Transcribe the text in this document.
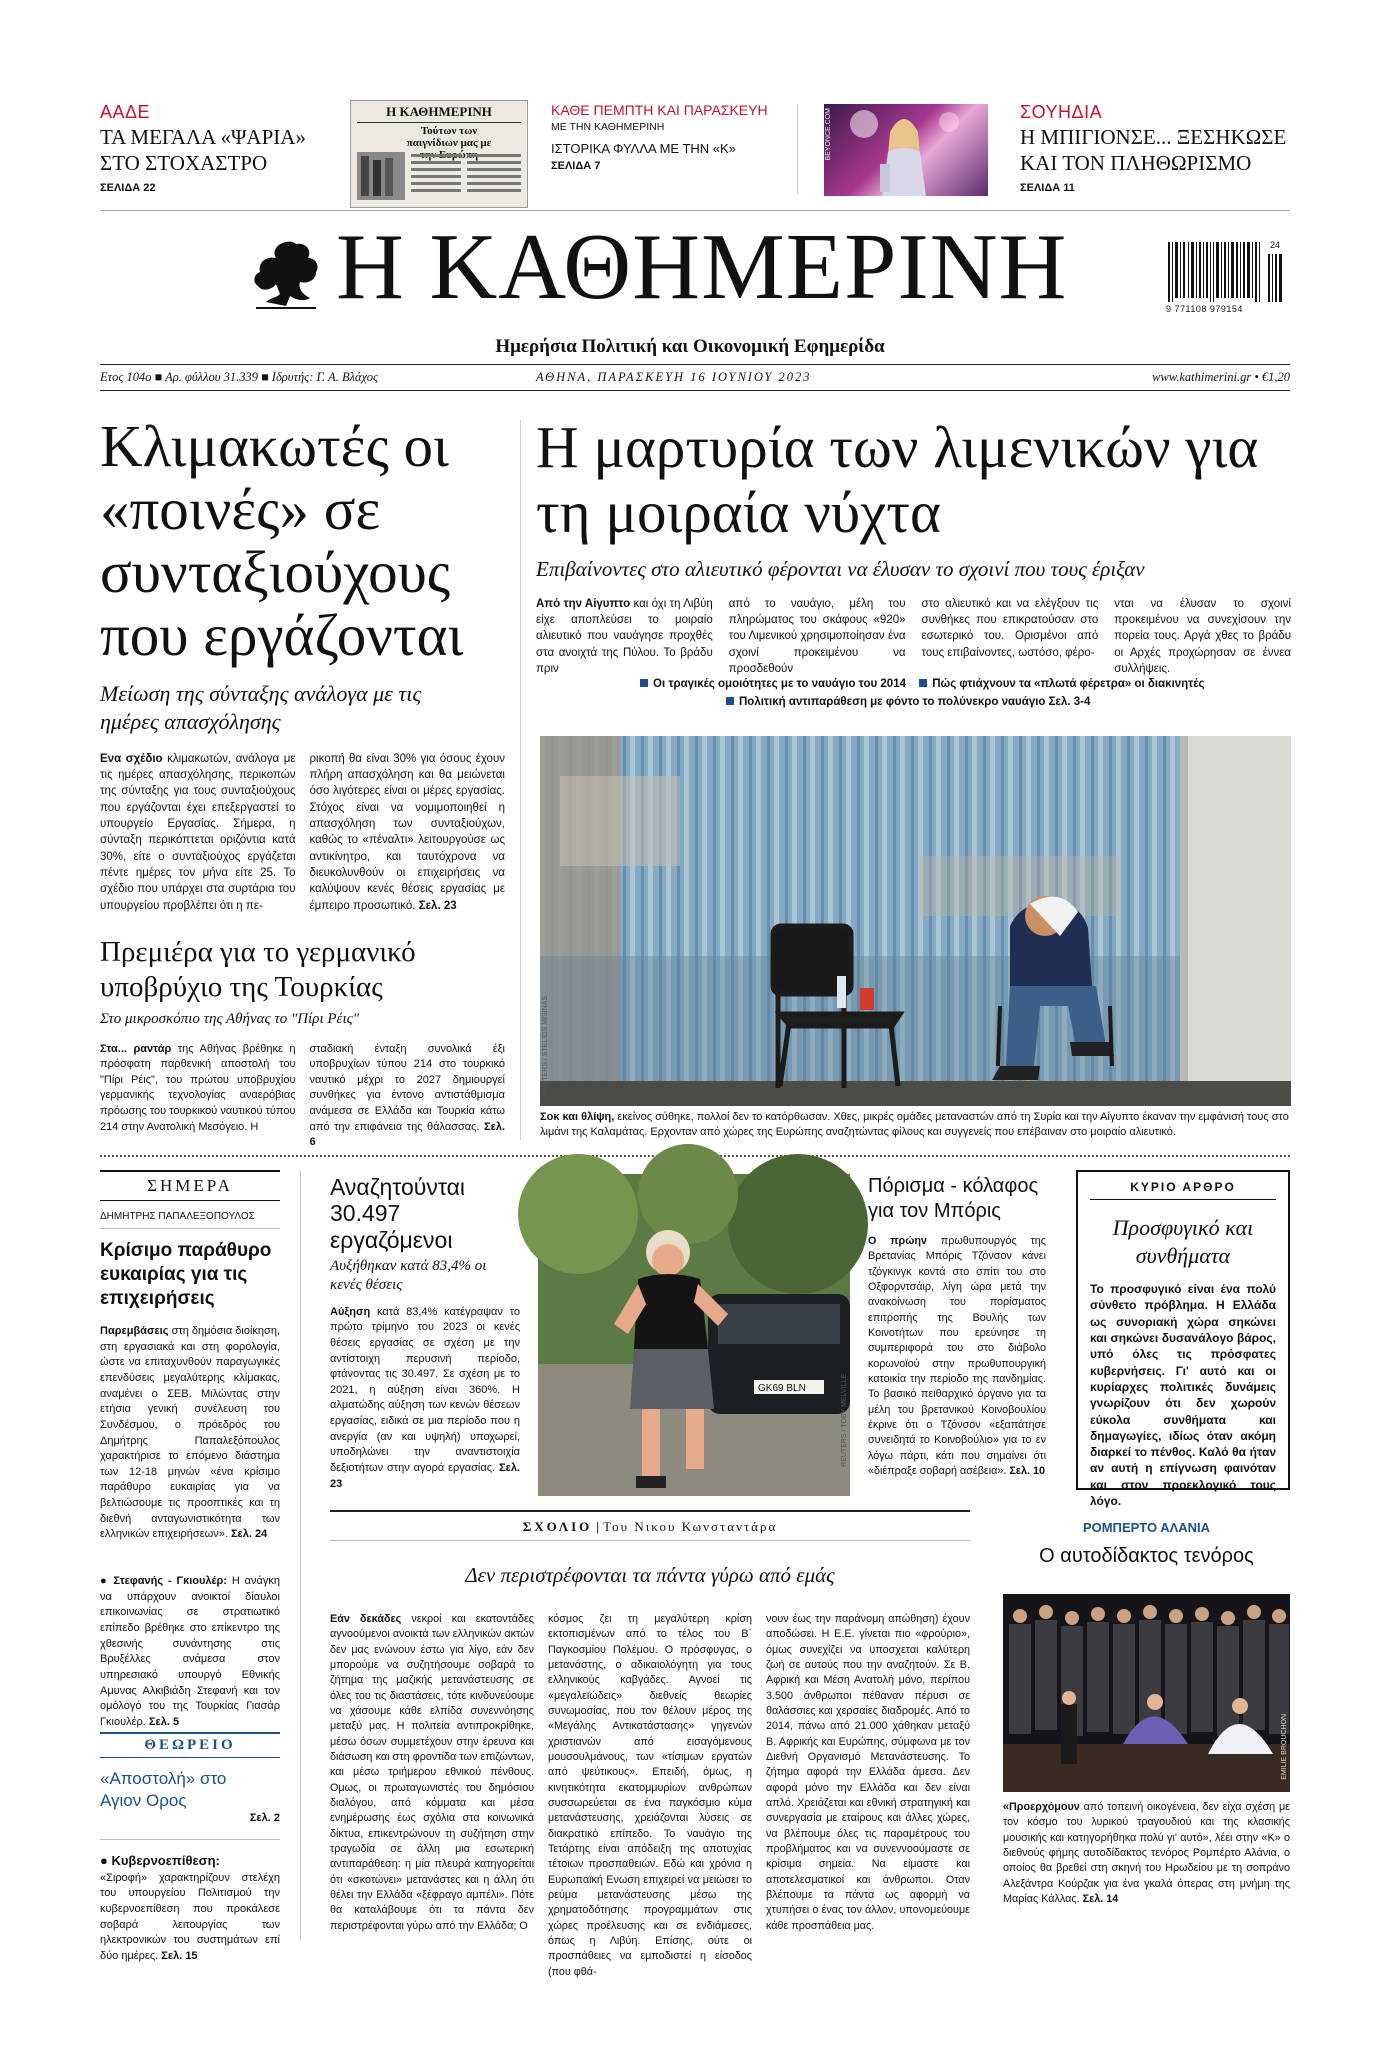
ΑΑΔΕ
ΤΑ ΜΕΓΑΛΑ «ΨΑΡΙΑ» ΣΤΟ ΣΤΟΧΑΣΤΡΟ
ΣΕΛΙΔΑ 22
Η ΚΑΘΗΜΕΡΙΝΗ
Τούτων των παιγνίδιων μας με
ΚΑΘΕ ΠΕΜΠΤΗ ΚΑΙ ΠΑΡΑΣΚΕΥΗ
ΜΕ ΤΗΝ ΚΑΘΗΜΕΡΙΝΗ
ΙΣΤΟΡΙΚΑ ΦΥΛΛΑ ΜΕ ΤΗΝ «Κ»
ΣΕΛΙΔΑ 7
BEYONCE.COM	ΣΟΥΗΔΙΑ
Η ΜΠΙΓΙΟΝΣΕ... ΞΕΣΗΚΩΣΕ ΚΑΙ ΤΟΝ ΠΛΗΘΩΡΙΣΜΟ
ΣΕΛΙΔΑ 11
Η ΚΑΘΗΜΕΡΙΝΗ	24
9 771108 979154
Ημερήσια Πολιτική και Οικονομική Εφημερίδα
Ετος 104ο ■ Αρ. φύλλου 31.339 ■ Ιδρυτής: Γ. Α. Βλάχος	ΑΘΗΝΑ, ΠΑΡΑΣΚΕΥΗ 16 ΙΟΥΝΙΟΥ 2023	www.kathimerini.gr • €1,20
Κλιμακωτές οι «ποινές» σε συνταξιούχους που εργάζονται
Μείωση της σύνταξης ανάλογα με τις ημέρες απασχόλησης
Ενα σχέδιο κλιμακωτών, ανάλογα με τις ημέρες απασχόλησης, περικοπών της σύνταξης για τους συνταξιούχους που εργάζονται έχει επεξεργαστεί το υπουργείο Εργασίας. Σήμερα, η σύνταξη περικόπτεται οριζόντια κατά 30%, είτε ο συνταξιούχος εργάζεται πέντε ημέρες τον μήνα είτε 25. Το σχέδιο που υπάρχει στα συρτάρια του υπουργείου προβλέπει ότι η πε-
ρικοπή θα είναι 30% για όσους έχουν πλήρη απασχόληση και θα μειώνεται όσο λιγότερες είναι οι μέρες εργασίας. Στόχος είναι να νομιμοποιηθεί η απασχόληση των συνταξιούχων, καθώς το «πέναλτι» λειτουργούσε ως αντικίνητρο, και ταυτόχρονα να διευκολυνθούν οι επιχειρήσεις να καλύψουν κενές θέσεις εργασίας με έμπειρο προσωπικό. Σελ. 23
Η μαρτυρία των λιμενικών για τη μοιραία νύχτα
Επιβαίνοντες στο αλιευτικό φέρονται να έλυσαν το σχοινί που τους έριξαν
Από την Αίγυπτο και όχι τη Λιβύη είχε αποπλεύσει το μοιραίο αλιευτικό που ναυάγησε προχθές στα ανοιχτά της Πύλου. Το βράδυ πριν
από το ναυάγιο, μέλη του πληρώματος του σκάφους «920» του Λιμενικού χρησιμοποίησαν ένα σχοινί προκειμένου να προσδεθούν
στο αλιευτικό και να ελέγξουν τις συνθήκες που επικρατούσαν στο εσωτερικό του. Ορισμένοι από τους επιβαίνοντες, ωστόσο, φέρο-
νται να έλυσαν το σχοινί προκειμένου να συνεχίσουν την πορεία τους. Αργά χθες το βράδυ οι Αρχές προχώρησαν σε έννεα συλλήψεις.
Οι τραγικές ομοιότητες με το ναυάγιο του 2014 Πώς φτιάχνουν τα «πλωτά φέρετρα» οι διακινητές
Πολιτική αντιπαράθεση με φόντο το πολύνεκρο ναυάγιο Σελ. 3-4
REUTERS / STELIOS MISINAS
Σοκ και θλίψη, εκείνος σύθηκε, πολλοί δεν το κατόρθωσαν. Χθες, μικρές ομάδες μεταναστών από τη Συρία και την Αίγυπτο έκαναν την εμφάνισή τους στο λιμάνι της Καλαμάτας. Ερχονταν από χώρες της Ευρώπης αναζητώντας φίλους και συγγενείς που επέβαιναν στο μοιραίο αλιευτικό.
Πρεμιέρα για το γερμανικό υποβρύχιο της Τουρκίας
Στο μικροσκόπιο της Αθήνας το "Πίρι Ρέις"
Στα... ραντάρ της Αθήνας βρέθηκε η πρόσφατη παρθενική αποστολή του "Πίρι Ρέις", του πρώτου υποβρυχίου γερμανικής τεχνολογίας αναερόβιας πρόωσης του τουρκικού ναυτικού τύπου 214 στην Ανατολική Μεσόγειο. Η
σταδιακή ένταξη συνολικά έξι υποβρυχίων τύπου 214 στο τουρκικό ναυτικό μέχρι το 2027 δημιουργεί συνθήκες για έντονο αντιστάθμισμα ανάμεσα σε Ελλάδα και Τουρκία κάτω από την επιφάνεια της θάλασσας. Σελ. 6
ΣΗΜΕΡΑ
ΔΗΜΗΤΡΗΣ ΠΑΠΑΛΕΞΟΠΟΥΛΟΣ
Κρίσιμο παράθυρο ευκαιρίας για τις επιχειρήσεις
Παρεμβάσεις στη δημόσια διοίκηση, στη εργασιακά και στη φορολογία, ώστε να επιταχυνθούν παραγωγικές επενδύσεις μεγαλύτερης κλίμακας, αναμένει ο ΣΕΒ. Μιλώντας στην ετήσια γενική συνέλευση του Συνδέσμου, ο πρόεδρός του Δημήτρης Παπαλεξόπουλος χαρακτήρισε το επόμενο διάστημα των 12-18 μηνών «ένα κρίσιμο παράθυρο ευκαιρίας για να βελτιώσουμε τις προοπτικές και τη διεθνή ανταγωνιστικότητα των ελληνικών επιχειρήσεων». Σελ. 24
● Στεφανής - Γκιουλέρ: Η ανάγκη να υπάρχουν ανοικτοί δίαυλοι επικοινωνίας σε στρατιωτικό επίπεδο βρέθηκε στο επίκεντρο της χθεσινής συνάντησης στις Βρυξέλλες ανάμεσα στον υπηρεσιακό υπουργό Εθνικής Αμυνας Αλκιβιάδη Στεφανή και τον ομόλογό του της Τουρκίας Γιασάρ Γκιουλέρ. Σελ. 5
ΘΕΩΡΕΙΟ
«Αποστολή» στο Αγιον Ορος
Σελ. 2
● Κυβερνοεπίθεση:
«Σιροφή» χαρακτηρίζουν στελέχη του υπουργείου Πολιτισμού την κυβερνοεπίθεση που προκάλεσε σοβαρά λειτουργίας των ηλεκτρονικών του συστημάτων επί δύο ημέρες. Σελ. 15
Αναζητούνται 30.497 εργαζόμενοι
Αυξήθηκαν κατά 83,4% οι κενές θέσεις
Αύξηση κατά 83,4% κατέγραψαν το πρώτο τρίμηνο του 2023 οι κενές θέσεις εργασίας σε σχέση με την αντίστοιχη περυσινή περίοδο, φτάνοντας τις 30.497. Σε σχέση με το 2021, η αύξηση είναι 360%. Η αλματώδης αύξηση των κενών θέσεων εργασίας, ειδικά σε μια περίοδο που η ανεργία (αν και υψηλή) υποχωρεί, υποδηλώνει την αναντιστοιχία δεξιοτήτων στην αγορά εργασίας. Σελ. 23
GK69 BLN	REUTERS / TOBY MELVILLE
Πόρισμα - κόλαφος για τον Μπόρις
Ο πρώην πρωθυπουργός της Βρετανίας Μπόρις Τζόνσον κάνει τζόγκινγκ κοντά στο σπίτι του στο Οξφορντσάιρ, λίγη ώρα μετά την ανακοίνωση του πορίσματος επιτροπής της Βουλής των Κοινοτήτων που ερεύνησε τη συμπεριφορά του στο διάβολο κορωνοϊού στην πρωθυπουργική κατοικία την περίοδο της πανδημίας. Το βασικό πειθαρχικό όργανο για τα μέλη του βρετανικού Κοινοβουλίου έκρινε ότι ο Τζόνσον «εξαπάτησε συνειδητά το Κοινοβούλιο» για το εν λόγω πάρτι, κάτι που σημαίνει ότι «διέπραξε σοβαρή ασέβεια». Σελ. 10
ΚΥΡΙΟ ΑΡΘΡΟ
Προσφυγικό και συνθήματα
Το προσφυγικό είναι ένα πολύ σύνθετο πρόβλημα. Η Ελλάδα ως συνοριακή χώρα σηκώνει και σηκώνει δυσανάλογο βάρος, υπό όλες τις πρόσφατες κυβερνήσεις. Γι' αυτό και οι κυρίαρχες πολιτικές δυνάμεις γνωρίζουν ότι δεν χωρούν εύκολα συνθήματα και δημαγωγίες, ιδίως όταν ακόμη διαρκεί το πένθος. Καλό θα ήταν αν αυτή η επίγνωση φαινόταν και στον προεκλογικό τους λόγο.
ΣΧΟΛΙΟ | Του Νικου Κωνσταντάρα
Δεν περιστρέφονται τα πάντα γύρω από εμάς
Εάν δεκάδες νεκροί και εκατοντάδες αγνοούμενοι ανοικτά των ελληνικών ακτών δεν μας ενώνουν έστω για λίγο, εάν δεν μπορούμε να συζητήσουμε σοβαρά το ζήτημα της μαζικής μετανάστευσης σε όλες του τις διαστάσεις, τότε κινδυνεύουμε να χάσουμε κάθε ελπίδα συνεννόησης μεταξύ μας. Η πολιτεία αντιπροκρίθηκε, μέσω όσων συμμετέχουν στην έρευνα και διάσωση και στη φροντίδα των επιζώντων, και μέσω τριήμερου εθνικού πένθους. Ομως, οι πρωταγωνιστές του δημόσιου διαλόγου, από κόμματα και μέσα ενημέρωσης έως σχόλια στα κοινωνικά δίκτυα, επικεντρώνουν τη συζήτηση στην τραγωδία σε άλλη μια εσωτερική αντιπαράθεση: η μία πλευρά κατηγορείται ότι «σκοτώνει» μετανάστες και η άλλη ότι θέλει την Ελλάδα «ξέφραγο αμπέλι». Πότε θα καταλάβουμε ότι τα πάντα δεν περιστρέφονται γύρω από την Ελλάδα; Ο
κόσμος ζει τη μεγαλύτερη κρίση εκτοπισμένων από το τέλος του Β΄ Παγκοσμίου Πολέμου. Ο πρόσφυγας, ο μετανάστης, ο αδικαιολόγητη για τους ελληνικούς καβγάδες. Αγνοεί τις «μεγαλεϊώδεις» διεθνείς θεωρίες συνωμοσίας, που τον θέλουν μέρος της «Μεγάλης Αντικατάστασης» γηγενών χριστιανών από εισαγόμενους μουσουλμάνους, των «τίσιμων εργατών από ψεύτικους». Επειδή, όμως, η κινητικότητα εκατομμυρίων ανθρώπων συσσωρεύεται σε ένα παγκόσμιο κύμα μετανάστευσης, χρειάζονται λύσεις σε διακρατικό επίπεδο. Το ναυάγιο της Τετάρτης είναι απόδειξη της αποτυχίας τέτοιων προσπαθειών. Εδώ και χρόνια η Ευρωπαϊκή Ενωση επιχειρεί να μειώσει το ρεύμα μετανάστευσης μέσω της χρηματοδότησης προγραμμάτων στις χώρες προέλευσης και σε ενδιάμεσες, όπως η Λιβύη. Επίσης, ούτε οι προσπάθειες να εμποδιστεί η είσοδος (που φθά-
νουν έως την παράνομη απώθηση) έχουν αποδώσει. Η Ε.Ε. γίνεται πιο «φρούριο», όμως συνεχίζει να υποσχεται καλύτερη ζωή σε αυτούς που την αναζητούν. Σε Β. Αφρική και Μέση Ανατολή μόνο, περίπου 3.500 άνθρωποι πέθαναν πέρυσι σε θαλάσσιες και χερσαίες διαδρομές. Από το 2014, πάνω από 21.000 χάθηκαν μεταξύ Β. Αφρικής και Ευρώπης, σύμφωνα με τον Διεθνή Οργανισμό Μετανάστευσης. Το ζήτημα αφορά την Ελλάδα άμεσα. Δεν αφορά μόνο την Ελλάδα και δεν είναι απλό. Χρειάζεται και εθνική στρατηγική και συνεργασία με εταίρους και άλλες χώρες, να βλέπουμε όλες τις παραμέτρους του προβλήματος και να συνεννοούμαστε σε κρίσιμα σημεία. Να είμαστε και αποτελεσματικοί και άνθρωποι. Οταν βλέπουμε τα πάντα ως αφορμή να χτυπήσει ο ένας τον άλλον, υπονομεύουμε κάθε προσπάθεια μας.
ΡΟΜΠΕΡΤΟ ΑΛΑΝΙΑ
Ο αυτοδίδακτος τενόρος
EMILIE BROUCHON
«Προερχόμουν από τοπεινή οικογένεια, δεν είχα σχέση με τον κόσμο του λυρικού τραγουδιού και της κλασικής μουσικής και κατηγορήθηκα πολύ γι' αυτό», λέει στην «Κ» ο διεθνούς φήμης αυτοδίδακτος τενόρος Ρομπέρτο Αλάνια, ο οποίος θα βρεθεί στη σκηνή του Ηρωδείου με τη σοπράνο Αλεξάντρα Κούρζακ για ένα γκαλά όπερας στη μνήμη της Μαρίας Κάλλας. Σελ. 14
